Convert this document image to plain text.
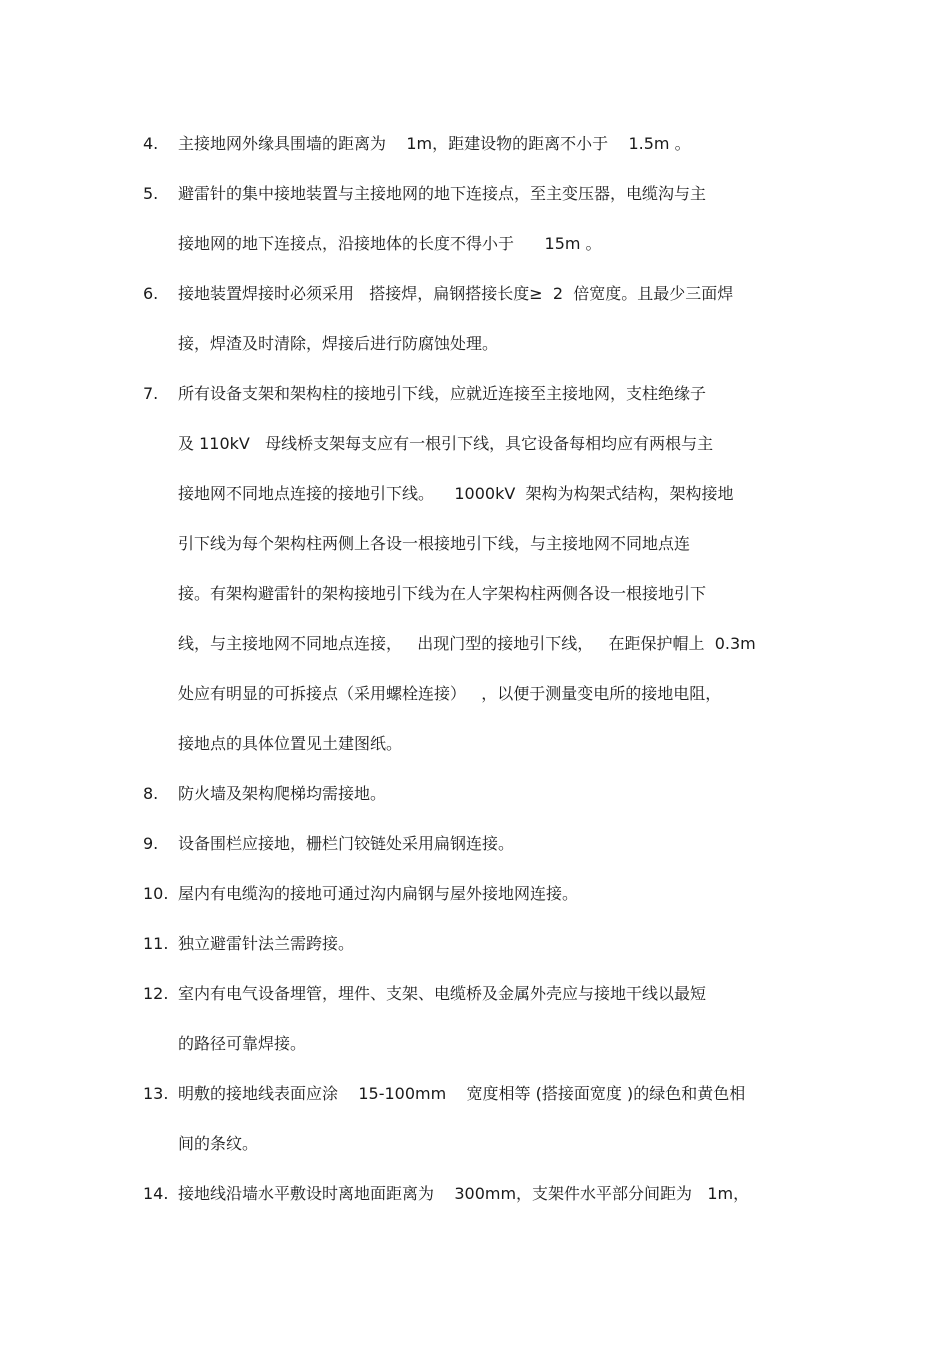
4. 主接地网外缘具围墙的距离为    1m，距建设物的距离不小于    1.5m 。
5. 避雷针的集中接地装置与主接地网的地下连接点，至主变压器，电缆沟与主
接地网的地下连接点，沿接地体的长度不得小于      15m 。
6. 接地装置焊接时必须采用   搭接焊，扁钢搭接长度≥  2  倍宽度。且最少三面焊
接，焊渣及时清除，焊接后进行防腐蚀处理。
7. 所有设备支架和架构柱的接地引下线，应就近连接至主接地网，支柱绝缘子
及 110kV   母线桥支架每支应有一根引下线，具它设备每相均应有两根与主
接地网不同地点连接的接地引下线。    1000kV  架构为构架式结构，架构接地
引下线为每个架构柱两侧上各设一根接地引下线，与主接地网不同地点连
接。有架构避雷针的架构接地引下线为在人字架构柱两侧各设一根接地引下
线，与主接地网不同地点连接，   出现门型的接地引下线，   在距保护帽上  0.3m
处应有明显的可拆接点（采用螺栓连接）   ，以便于测量变电所的接地电阻，
接地点的具体位置见土建图纸。
8. 防火墙及架构爬梯均需接地。
9. 设备围栏应接地，栅栏门铰链处采用扁钢连接。
10. 屋内有电缆沟的接地可通过沟内扁钢与屋外接地网连接。
11. 独立避雷针法兰需跨接。
12. 室内有电气设备埋管，埋件、支架、电缆桥及金属外壳应与接地干线以最短
的路径可靠焊接。
13. 明敷的接地线表面应涂    15-100mm    宽度相等 (搭接面宽度 )的绿色和黄色相
间的条纹。
14. 接地线沿墙水平敷设时离地面距离为    300mm，支架件水平部分间距为   1m，
